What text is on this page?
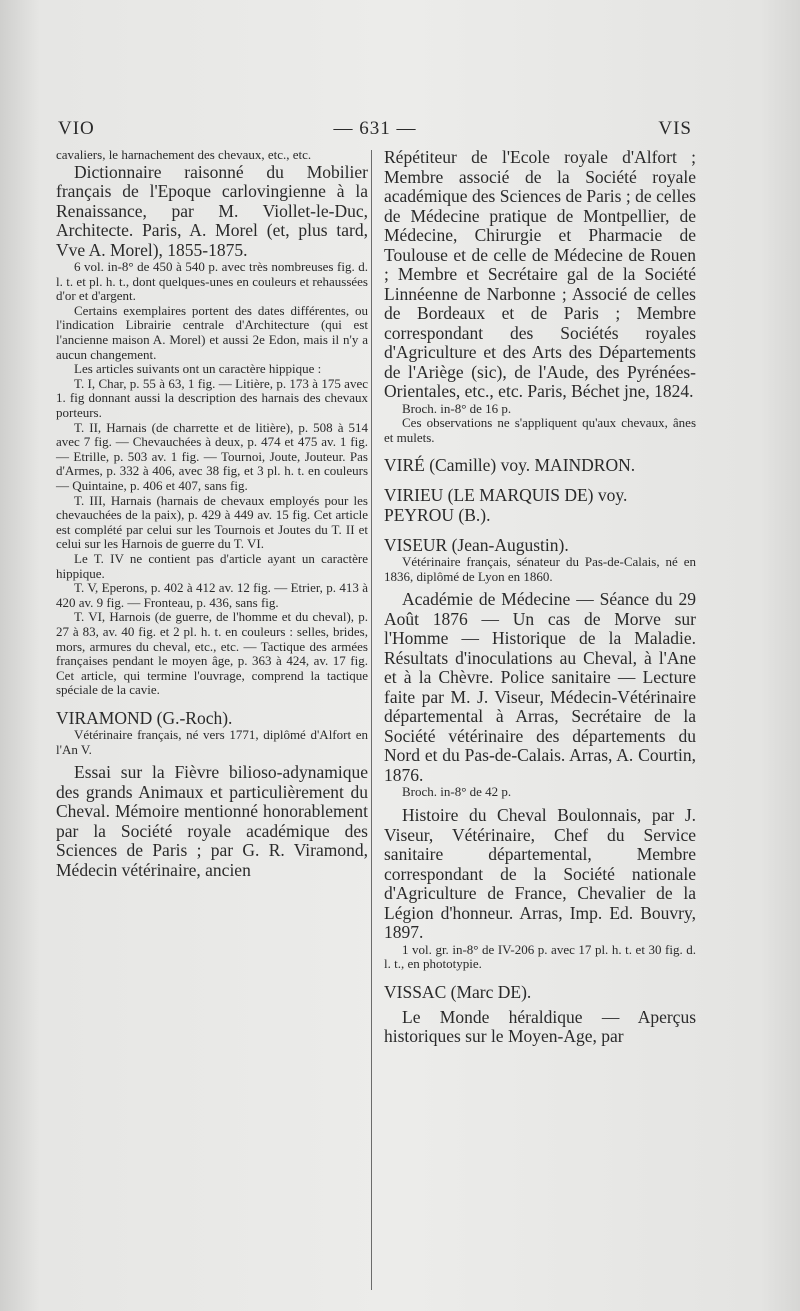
VIO	— 631 —	VIS

cavaliers, le harnachement des chevaux, etc., etc.

Dictionnaire raisonné du Mobilier français de l'Epoque carlovingienne à la Renaissance, par M. Viollet-le-Duc, Architecte. Paris, A. Morel (et, plus tard, Vve A. Morel), 1855-1875.

6 vol. in-8° de 450 à 540 p. avec très nombreuses fig. d. l. t. et pl. h. t., dont quelques-unes en couleurs et rehaussées d'or et d'argent.

Certains exemplaires portent des dates différentes, ou l'indication Librairie centrale d'Architecture (qui est l'ancienne maison A. Morel) et aussi 2e Edon, mais il n'y a aucun changement.

Les articles suivants ont un caractère hippique :

T. I, Char, p. 55 à 63, 1 fig. — Litière, p. 173 à 175 avec 1. fig donnant aussi la description des harnais des chevaux porteurs.

T. II, Harnais (de charrette et de litière), p. 508 à 514 avec 7 fig. — Chevauchées à deux, p. 474 et 475 av. 1 fig. — Etrille, p. 503 av. 1 fig. — Tournoi, Joute, Jouteur. Pas d'Armes, p. 332 à 406, avec 38 fig, et 3 pl. h. t. en couleurs — Quintaine, p. 406 et 407, sans fig.

T. III, Harnais (harnais de chevaux employés pour les chevauchées de la paix), p. 429 à 449 av. 15 fig. Cet article est complété par celui sur les Tournois et Joutes du T. II et celui sur les Harnois de guerre du T. VI.

Le T. IV ne contient pas d'article ayant un caractère hippique.

T. V, Eperons, p. 402 à 412 av. 12 fig. — Etrier, p. 413 à 420 av. 9 fig. — Fronteau, p. 436, sans fig.

T. VI, Harnois (de guerre, de l'homme et du cheval), p. 27 à 83, av. 40 fig. et 2 pl. h. t. en couleurs : selles, brides, mors, armures du cheval, etc., etc. — Tactique des armées françaises pendant le moyen âge, p. 363 à 424, av. 17 fig. Cet article, qui termine l'ouvrage, comprend la tactique spéciale de la cavie.

VIRAMOND (G.-Roch).

Vétérinaire français, né vers 1771, diplômé d'Alfort en l'An V.

Essai sur la Fièvre bilioso-adynamique des grands Animaux et particulièrement du Cheval. Mémoire mentionné honorablement par la Société royale académique des Sciences de Paris ; par G. R. Viramond, Médecin vétérinaire, ancien

Répétiteur de l'Ecole royale d'Alfort ; Membre associé de la Société royale académique des Sciences de Paris ; de celles de Médecine pratique de Montpellier, de Médecine, Chirurgie et Pharmacie de Toulouse et de celle de Médecine de Rouen ; Membre et Secrétaire gal de la Société Linnéenne de Narbonne ; Associé de celles de Bordeaux et de Paris ; Membre correspondant des Sociétés royales d'Agriculture et des Arts des Départements de l'Ariège (sic), de l'Aude, des Pyrénées-Orientales, etc., etc. Paris, Béchet jne, 1824.

Broch. in-8° de 16 p.

Ces observations ne s'appliquent qu'aux chevaux, ânes et mulets.

VIRÉ (Camille) voy. MAINDRON.

VIRIEU (LE MARQUIS DE) voy. PEYROU (B.).

VISEUR (Jean-Augustin).

Vétérinaire français, sénateur du Pas-de-Calais, né en 1836, diplômé de Lyon en 1860.

Académie de Médecine — Séance du 29 Août 1876 — Un cas de Morve sur l'Homme — Historique de la Maladie. Résultats d'inoculations au Cheval, à l'Ane et à la Chèvre. Police sanitaire — Lecture faite par M. J. Viseur, Médecin-Vétérinaire départemental à Arras, Secrétaire de la Société vétérinaire des départements du Nord et du Pas-de-Calais. Arras, A. Courtin, 1876.

Broch. in-8° de 42 p.

Histoire du Cheval Boulonnais, par J. Viseur, Vétérinaire, Chef du Service sanitaire départemental, Membre correspondant de la Société nationale d'Agriculture de France, Chevalier de la Légion d'honneur. Arras, Imp. Ed. Bouvry, 1897.

1 vol. gr. in-8° de IV-206 p. avec 17 pl. h. t. et 30 fig. d. l. t., en phototypie.

VISSAC (Marc DE).

Le Monde héraldique — Aperçus historiques sur le Moyen-Age, par
